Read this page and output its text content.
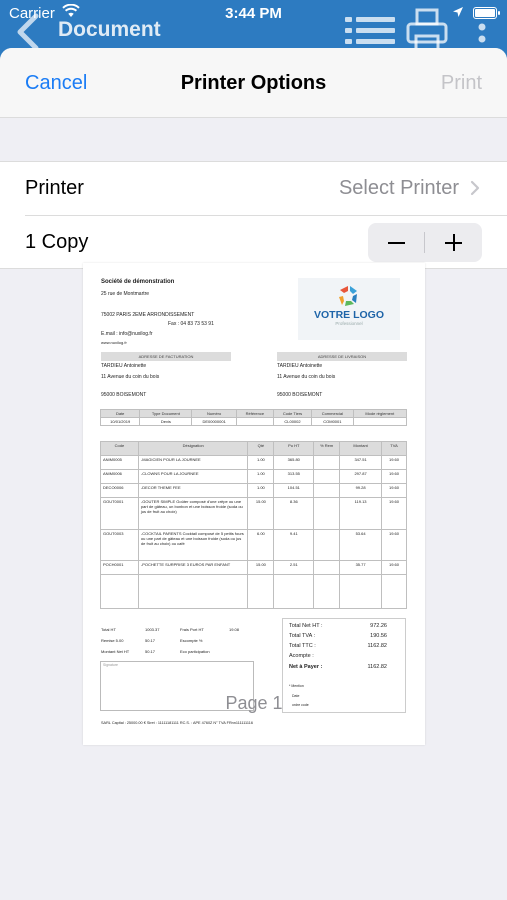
Carrier	3:44 PM
Document
Cancel	Printer Options	Print
Printer	Select Printer
1 Copy
Société de démonstration
25 rue de Montmartre
75002 PARIS 2EME ARRONDISSEMENT
Fax : 04 83 73 53 91
E.mail : info@nuxilog.fr
www.nuxilog.fr
VOTRE LOGO
Professionnel
ADRESSE DE FACTURATION
TARDIEU Antoinette
11 Avenue du coin du bois
95000 BOISEMONT
ADRESSE DE LIVRAISON
TARDIEU Antoinette
11 Avenue du coin du bois
95000 BOISEMONT
Date	Type Document	Numéro	Référence	Code Tiers	Commercial	Mode règlement
10/01/2019	Devis	DE00000001		CL00002	COM0001	
Code	Désignation	Qté	Pu HT	% Rem	Montant	TVA
ANIM0005	-MAGICIEN POUR LA JOURNEE	1.00	365.80		347.51	19.60
ANIM0006	-CLOWNS POUR LA JOURNEE	1.00	313.55		297.87	19.60
DECO0006	-DECOR THEME FEE	1.00	104.51		99.28	19.60
GOUT0001	-GOUTER SIMPLE Goûter composé d'une crêpe ou une part de gâteau, un bonbon et une boisson froide (soda ou jus de fruit au choix)	15.00	8.36		119.13	19.60
GOUT0003	-COCKTAIL PARENTS Cocktail composé de 5 petits fours ou une part de gâteau et une boisson froide (soda ou jus de fruit au choix) ou café	6.00	9.41		53.64	19.60
POCH0001	-POCHETTE SURPRISE 3 EUROS PAR ENFANT	15.00	2.51		35.77	19.60

Total HT	1003.37	Frais Port HT	19.08
Remise 5.00	50.17	Escompte %
Montant Net HT	50.17	Eco participation
Signature
Total Net HT :	972.26
Total TVA :	190.56
Total TTC :	1162.82
Acompte :
Net à Payer :	1162.82
* Mention
Date
ordre code
Page 1
SARL Capital : 25000.00 € Siret : 11111181111 RC.S. : APE 4760Z N° TVA FRnn111111116
